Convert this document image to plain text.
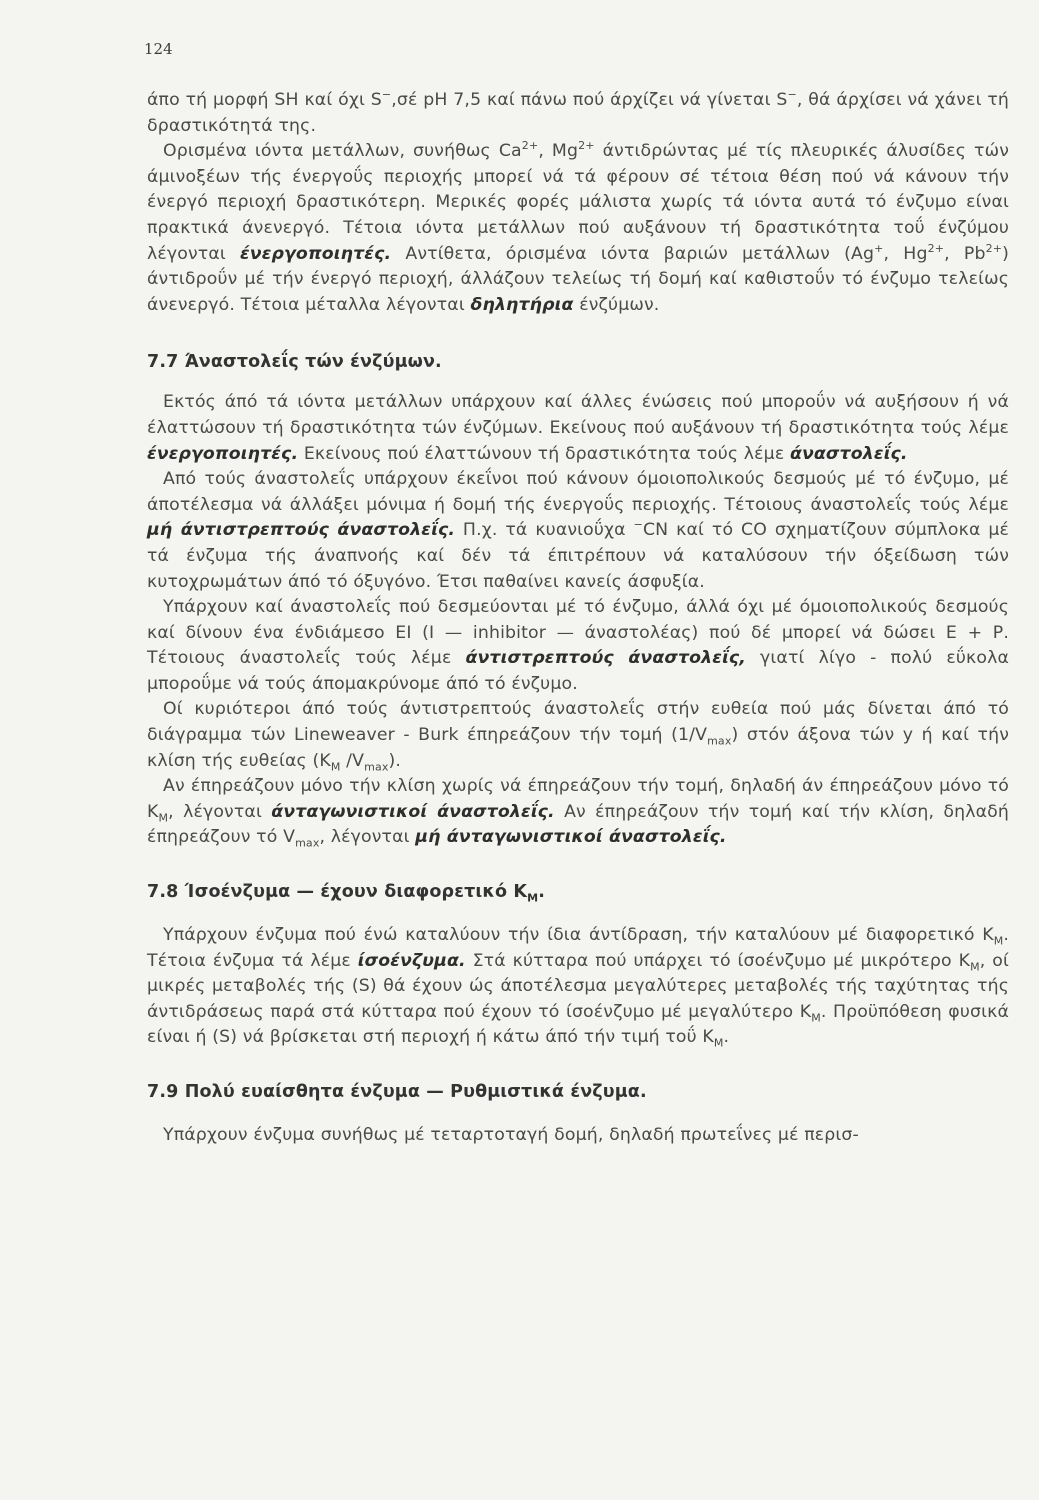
124

άπο τή μορφή SH καί όχι S−,σέ pH 7,5 καί πάνω πού άρχίζει νά γίνεται S−, θά άρχίσει νά χάνει τή δραστικότητά της.

Ορισμένα ιόντα μετάλλων, συνήθως $Ca^{2+}$, $Mg^{2+}$ άντιδρώντας μέ τίς πλευρικές άλυσίδες τών άμινοξέων τής ένεργοΰς περιοχής μπορεί νά τά φέρουν σέ τέτοια θέση πού νά κάνουν τήν ένεργό περιοχή δραστικότερη. Μερικές φορές μάλιστα χωρίς τά ιόντα αυτά τό ένζυμο είναι πρακτικά άνενεργό. Τέτοια ιόντα μετάλλων πού αυξάνουν τή δραστικότητα τοΰ ένζύμου λέγονται ένεργοποιητές. Αντίθετα, όρισμένα ιόντα βαριών μετάλλων (Ag+, $Hg^{2+}$, $Pb^{2+}$) άντιδροΰν μέ τήν ένεργό περιοχή, άλλάζουν τελείως τή δομή καί καθιστοΰν τό ένζυμο τελείως άνενεργό. Τέτοια μέταλλα λέγονται δηλητήρια ένζύμων.

7.7 Άναστολεΐς τών ένζύμων.

Εκτός άπό τά ιόντα μετάλλων υπάρχουν καί άλλες ένώσεις πού μποροΰν νά αυξήσουν ή νά έλαττώσουν τή δραστικότητα τών ένζύμων. Εκείνους πού αυξάνουν τή δραστικότητα τούς λέμε ένεργοποιητές. Εκείνους πού έλαττώνουν τή δραστικότητα τούς λέμε άναστολεΐς.

Από τούς άναστολεΐς υπάρχουν έκεΐνοι πού κάνουν όμοιοπολικούς δεσμούς μέ τό ένζυμο, μέ άποτέλεσμα νά άλλάξει μόνιμα ή δομή τής ένεργοΰς περιοχής. Τέτοιους άναστολεΐς τούς λέμε μή άντιστρεπτούς άναστολεΐς. Π.χ. τά κυανιοΰχα −CN καί τό CO σχηματίζουν σύμπλοκα μέ τά ένζυμα τής άναπνοής καί δέν τά έπιτρέπουν νά καταλύσουν τήν όξείδωση τών κυτοχρωμάτων άπό τό όξυγόνο. Έτσι παθαίνει κανείς άσφυξία.

Υπάρχουν καί άναστολεΐς πού δεσμεύονται μέ τό ένζυμο, άλλά όχι μέ όμοιοπολικούς δεσμούς καί δίνουν ένα ένδιάμεσο ΕΙ (Ι — inhibitor — άναστολέας) πού δέ μπορεί νά δώσει Ε + Ρ. Τέτοιους άναστολεΐς τούς λέμε άντιστρεπτούς άναστολεΐς, γιατί λίγο - πολύ εΰκολα μποροΰμε νά τούς άπομακρύνομε άπό τό ένζυμο.

Οί κυριότεροι άπό τούς άντιστρεπτούς άναστολεΐς στήν ευθεία πού μάς δίνεται άπό τό διάγραμμα τών Lineweaver - Burk έπηρεάζουν τήν τομή $(1/V_{max})$ στόν άξονα τών y ή καί τήν κλίση τής ευθείας ($K_M$ $/V_{max}$).

Αν έπηρεάζουν μόνο τήν κλίση χωρίς νά έπηρεάζουν τήν τομή, δηλαδή άν έπηρεάζουν μόνο τό $K_M$, λέγονται άνταγωνιστικοί άναστολεΐς. Αν έπηρεάζουν τήν τομή καί τήν κλίση, δηλαδή έπηρεάζουν τό $V_{max}$, λέγονται μή άνταγωνιστικοί άναστολεΐς.

7.8 Ίσοένζυμα — έχουν διαφορετικό $K_M$.

Υπάρχουν ένζυμα πού ένώ καταλύουν τήν ίδια άντίδραση, τήν καταλύουν μέ διαφορετικό $K_M$. Τέτοια ένζυμα τά λέμε ίσοένζυμα. Στά κύτταρα πού υπάρχει τό ίσοένζυμο μέ μικρότερο $K_M$, οί μικρές μεταβολές τής (S) θά έχουν ώς άποτέλεσμα μεγαλύτερες μεταβολές τής ταχύτητας τής άντιδράσεως παρά στά κύτταρα πού έχουν τό ίσοένζυμο μέ μεγαλύτερο $K_M$. Προϋπόθεση φυσικά είναι ή (S) νά βρίσκεται στή περιοχή ή κάτω άπό τήν τιμή τοΰ $K_M$.

7.9 Πολύ ευαίσθητα ένζυμα — Ρυθμιστικά ένζυμα.

Υπάρχουν ένζυμα συνήθως μέ τεταρτοταγή δομή, δηλαδή πρωτεΐνες μέ περισ-
